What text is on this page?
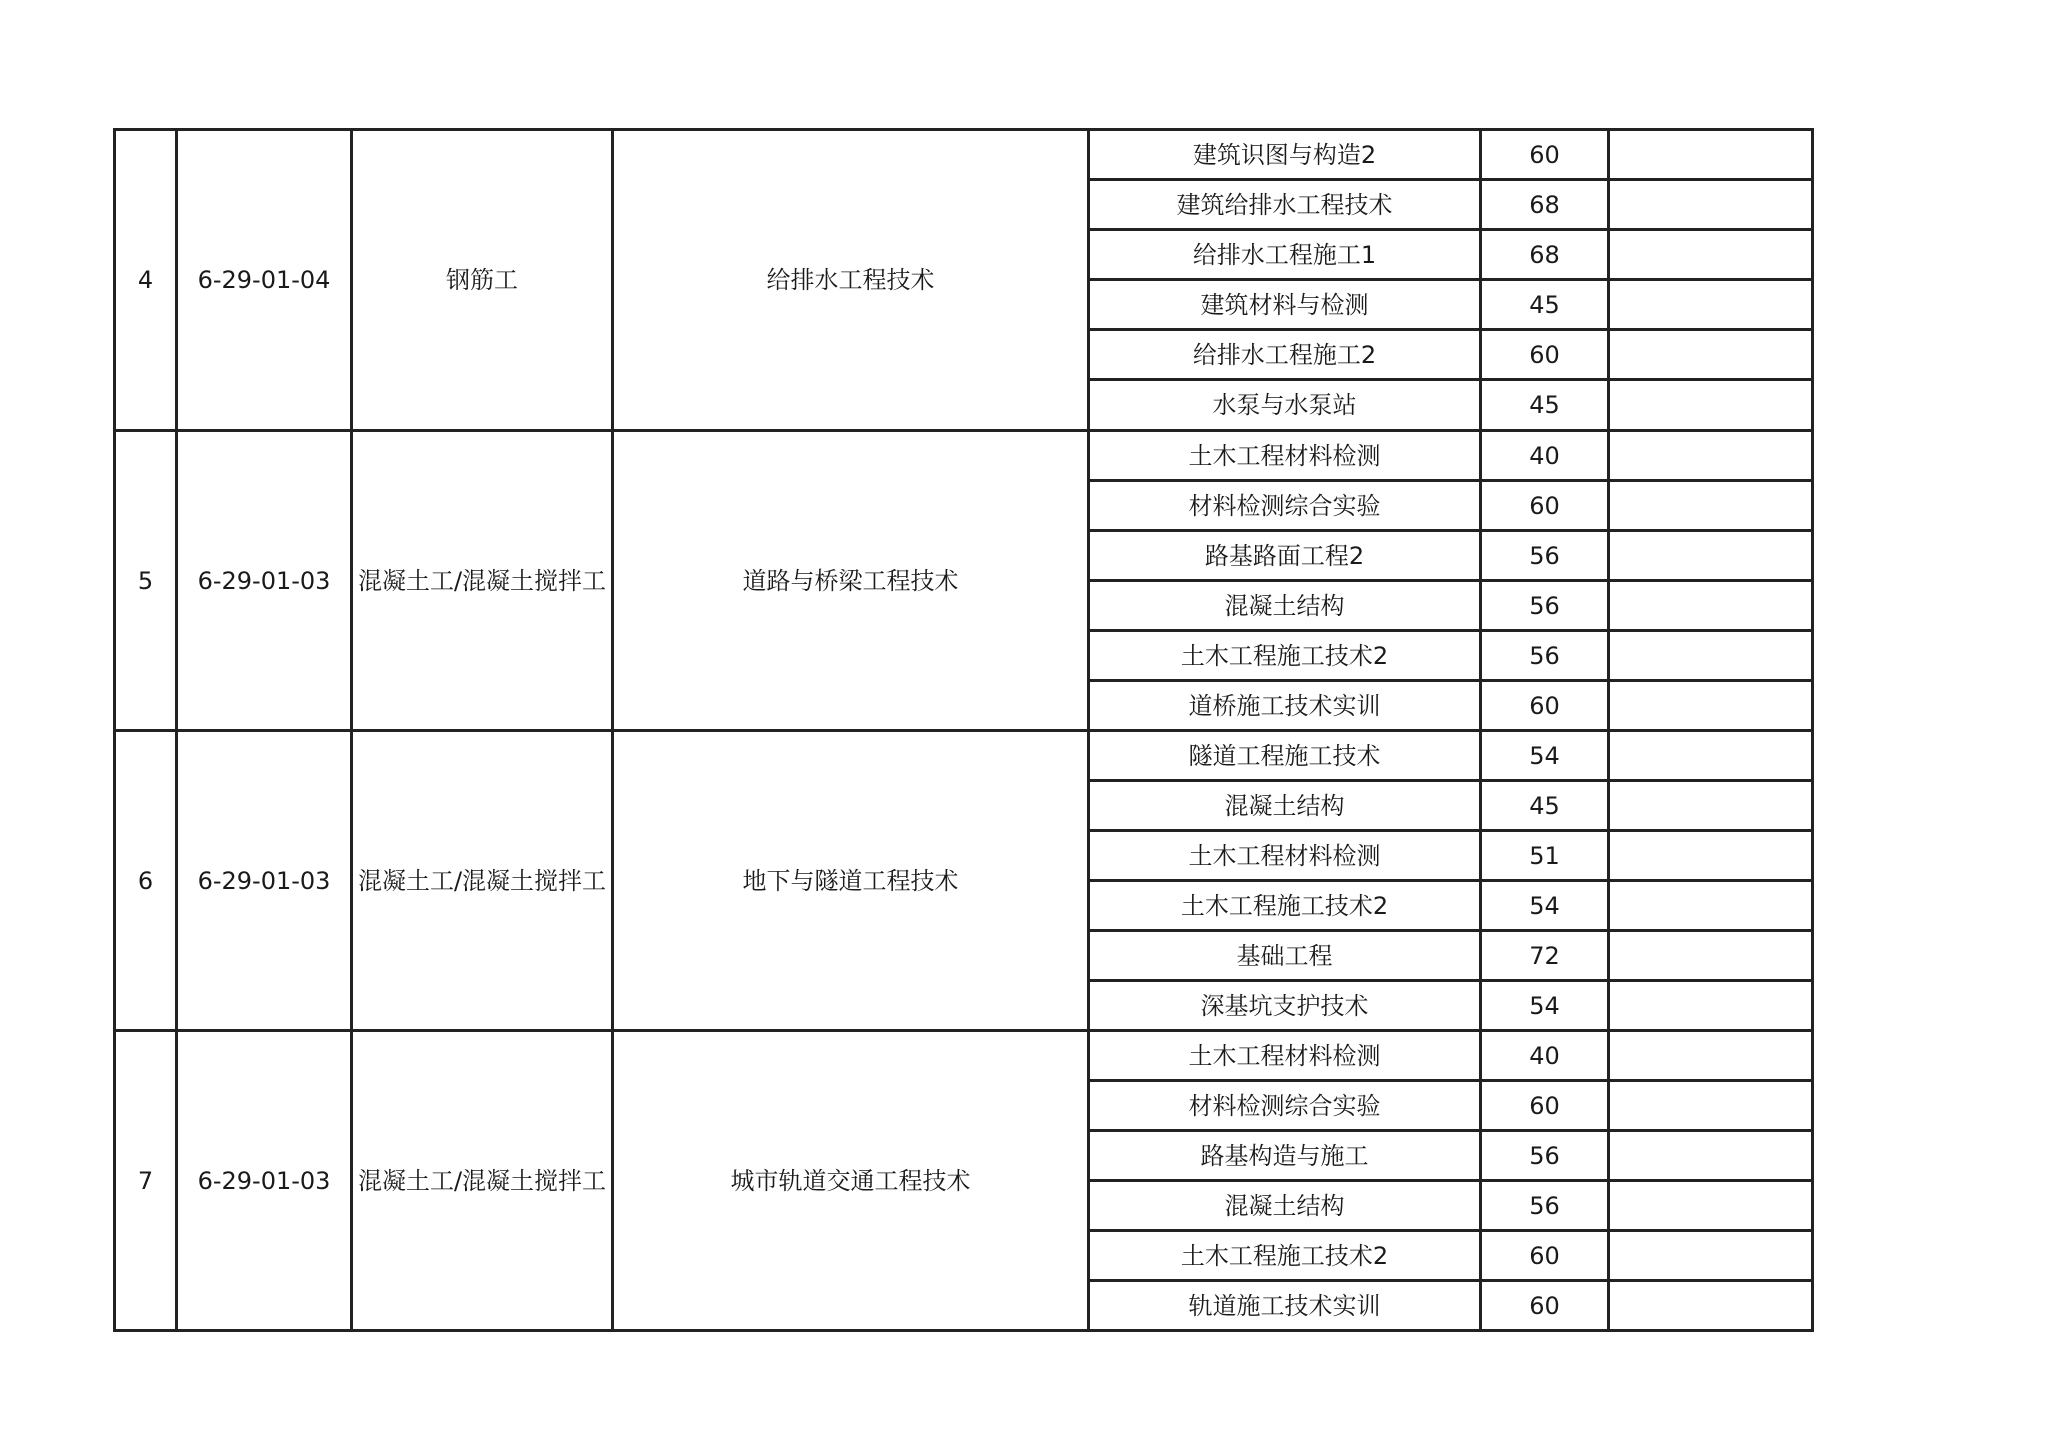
4	6-29-01-04	钢筋工	给排水工程技术	建筑识图与构造2	60	
				建筑给排水工程技术	68	
				给排水工程施工1	68	
				建筑材料与检测	45	
				给排水工程施工2	60	
				水泵与水泵站	45	
5	6-29-01-03	混凝土工/混凝土搅拌工	道路与桥梁工程技术	土木工程材料检测	40	
				材料检测综合实验	60	
				路基路面工程2	56	
				混凝土结构	56	
				土木工程施工技术2	56	
				道桥施工技术实训	60	
6	6-29-01-03	混凝土工/混凝土搅拌工	地下与隧道工程技术	隧道工程施工技术	54	
				混凝土结构	45	
				土木工程材料检测	51	
				土木工程施工技术2	54	
				基础工程	72	
				深基坑支护技术	54	
7	6-29-01-03	混凝土工/混凝土搅拌工	城市轨道交通工程技术	土木工程材料检测	40	
				材料检测综合实验	60	
				路基构造与施工	56	
				混凝土结构	56	
				土木工程施工技术2	60	
				轨道施工技术实训	60	
